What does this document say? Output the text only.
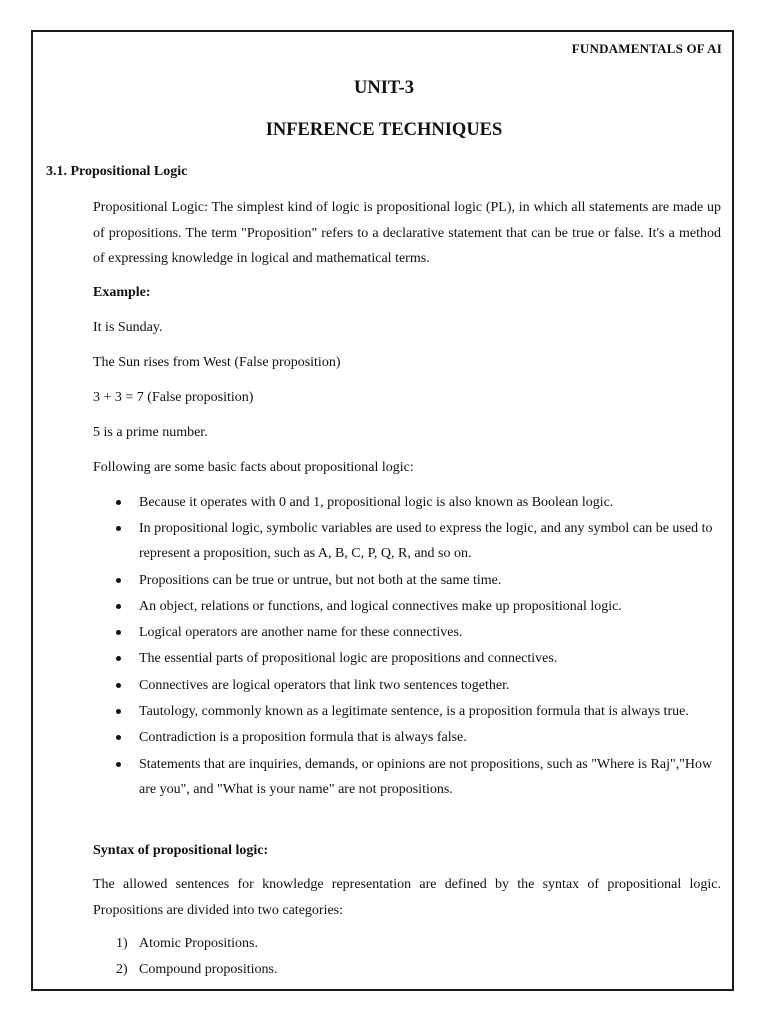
FUNDAMENTALS OF AI
UNIT-3
INFERENCE TECHNIQUES
3.1. Propositional Logic
Propositional Logic: The simplest kind of logic is propositional logic (PL), in which all statements are made up of propositions. The term "Proposition" refers to a declarative statement that can be true or false. It's a method of expressing knowledge in logical and mathematical terms.
Example:
It is Sunday.
The Sun rises from West (False proposition)
3 + 3 = 7 (False proposition)
5 is a prime number.
Following are some basic facts about propositional logic:
Because it operates with 0 and 1, propositional logic is also known as Boolean logic.
In propositional logic, symbolic variables are used to express the logic, and any symbol can be used to represent a proposition, such as A, B, C, P, Q, R, and so on.
Propositions can be true or untrue, but not both at the same time.
An object, relations or functions, and logical connectives make up propositional logic.
Logical operators are another name for these connectives.
The essential parts of propositional logic are propositions and connectives.
Connectives are logical operators that link two sentences together.
Tautology, commonly known as a legitimate sentence, is a proposition formula that is always true.
Contradiction is a proposition formula that is always false.
Statements that are inquiries, demands, or opinions are not propositions, such as "Where is Raj","How are you", and "What is your name" are not propositions.
Syntax of propositional logic:
The allowed sentences for knowledge representation are defined by the syntax of propositional logic. Propositions are divided into two categories:
1) Atomic Propositions.
2) Compound propositions.
